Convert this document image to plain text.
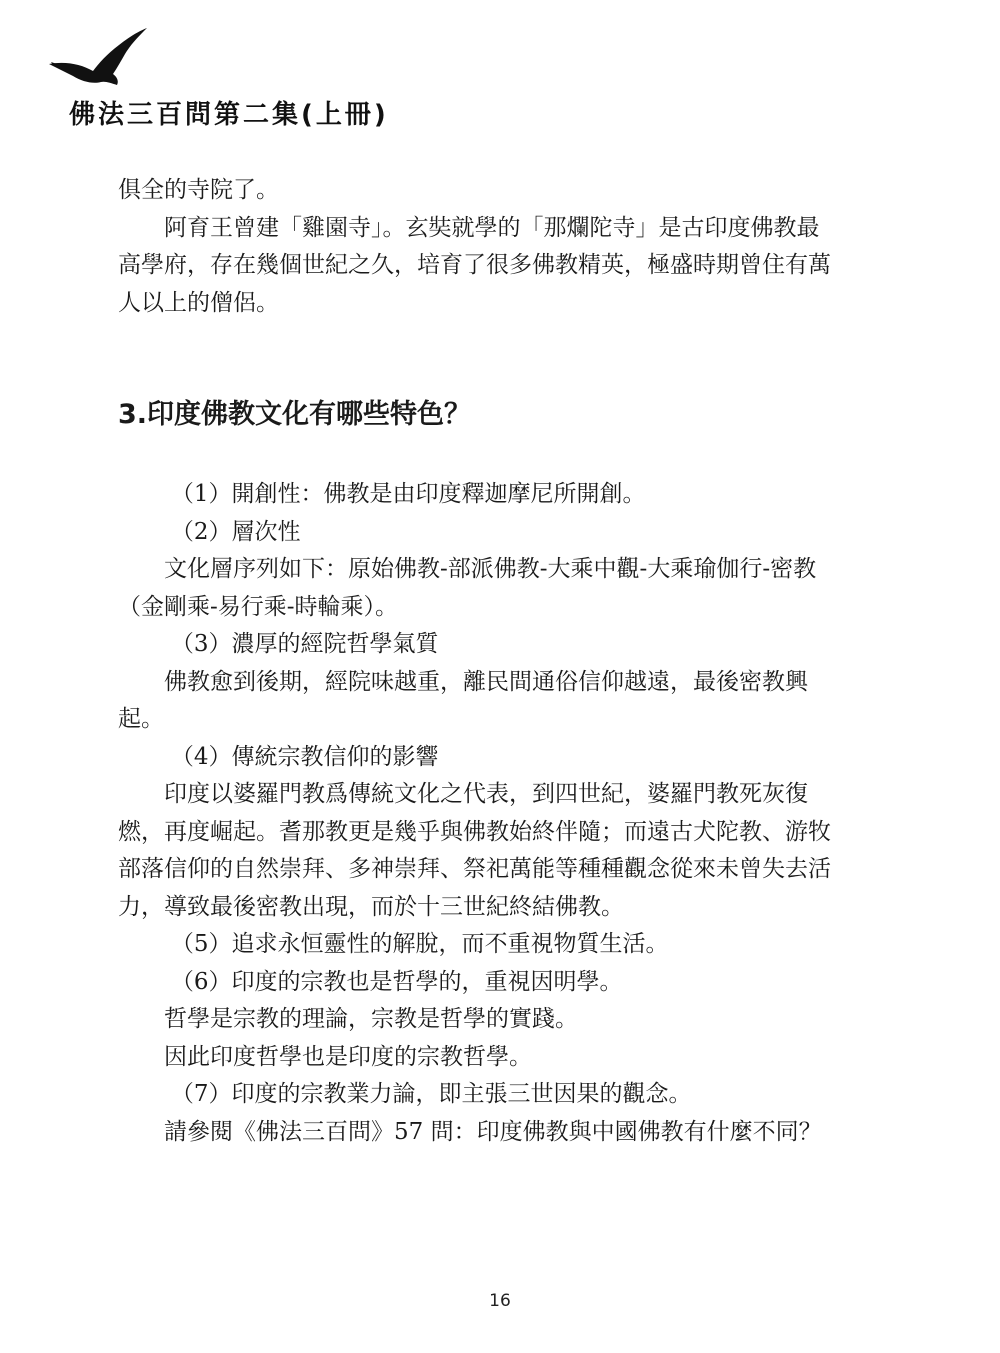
佛法三百問第二集(上冊)

俱全的寺院了。

阿育王曾建「雞園寺」。玄奘就學的「那爛陀寺」是古印度佛教最高學府，存在幾個世紀之久，培育了很多佛教精英，極盛時期曾住有萬人以上的僧侶。

3.印度佛教文化有哪些特色？

（1）開創性：佛教是由印度釋迦摩尼所開創。

（2）層次性

文化層序列如下：原始佛教-部派佛教-大乘中觀-大乘瑜伽行-密教（金剛乘-易行乘-時輪乘）。

（3）濃厚的經院哲學氣質

佛教愈到後期，經院味越重，離民間通俗信仰越遠，最後密教興起。

（4）傳統宗教信仰的影響

印度以婆羅門教爲傳統文化之代表，到四世紀，婆羅門教死灰復燃，再度崛起。耆那教更是幾乎與佛教始終伴隨；而遠古犬陀教、游牧部落信仰的自然崇拜、多神崇拜、祭祀萬能等種種觀念從來未曾失去活力，導致最後密教出現，而於十三世紀終結佛教。

（5）追求永恒靈性的解脫，而不重視物質生活。

（6）印度的宗教也是哲學的，重視因明學。

哲學是宗教的理論，宗教是哲學的實踐。

因此印度哲學也是印度的宗教哲學。

（7）印度的宗教業力論，即主張三世因果的觀念。

請參閱《佛法三百問》57 問：印度佛教與中國佛教有什麼不同？

16
